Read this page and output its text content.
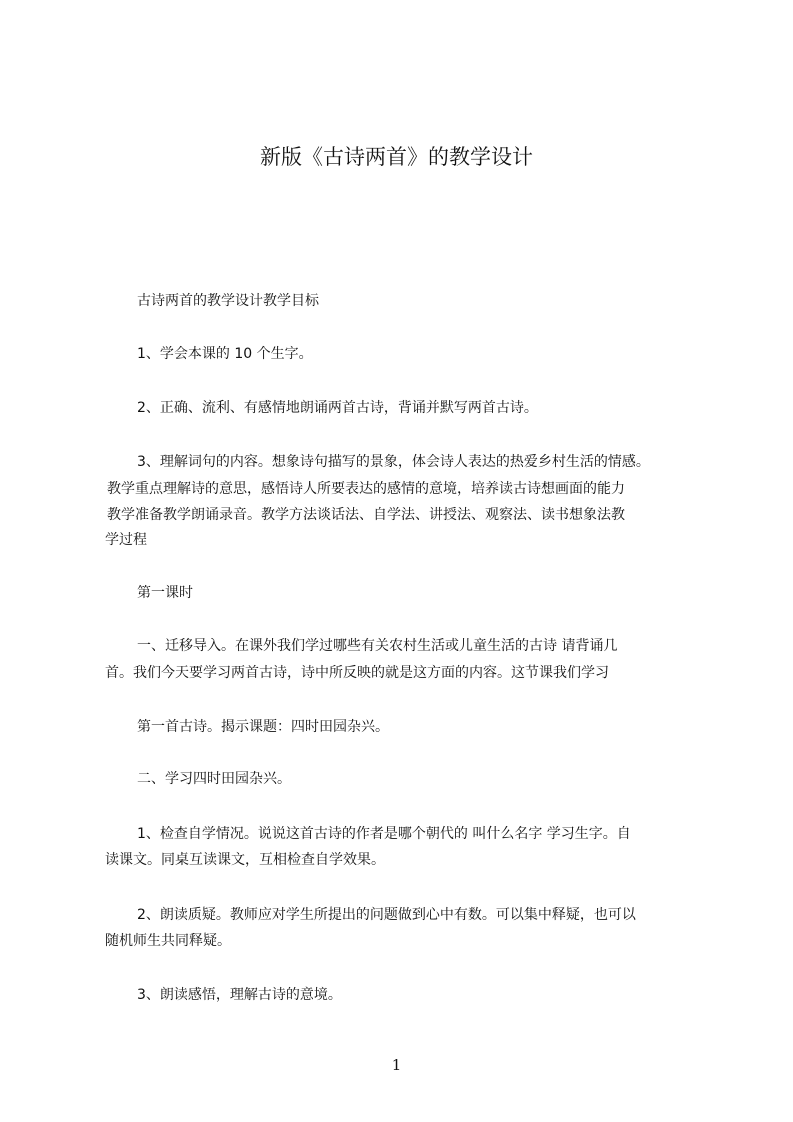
新版《古诗两首》的教学设计
古诗两首的教学设计教学目标
1、学会本课的 10 个生字。
2、正确、流利、有感情地朗诵两首古诗，背诵并默写两首古诗。
3、理解词句的内容。想象诗句描写的景象，体会诗人表达的热爱乡村生活的情感。
教学重点理解诗的意思，感悟诗人所要表达的感情的意境，培养读古诗想画面的能力
教学准备教学朗诵录音。教学方法谈话法、自学法、讲授法、观察法、读书想象法教
学过程
第一课时
一、迁移导入。在课外我们学过哪些有关农村生活或儿童生活的古诗 请背诵几
首。我们今天要学习两首古诗，诗中所反映的就是这方面的内容。这节课我们学习
第一首古诗。揭示课题：四时田园杂兴。
二、学习四时田园杂兴。
1、检查自学情况。说说这首古诗的作者是哪个朝代的 叫什么名字 学习生字。自
读课文。同桌互读课文，互相检查自学效果。
2、朗读质疑。教师应对学生所提出的问题做到心中有数。可以集中释疑，也可以
随机师生共同释疑。
3、朗读感悟，理解古诗的意境。
1
